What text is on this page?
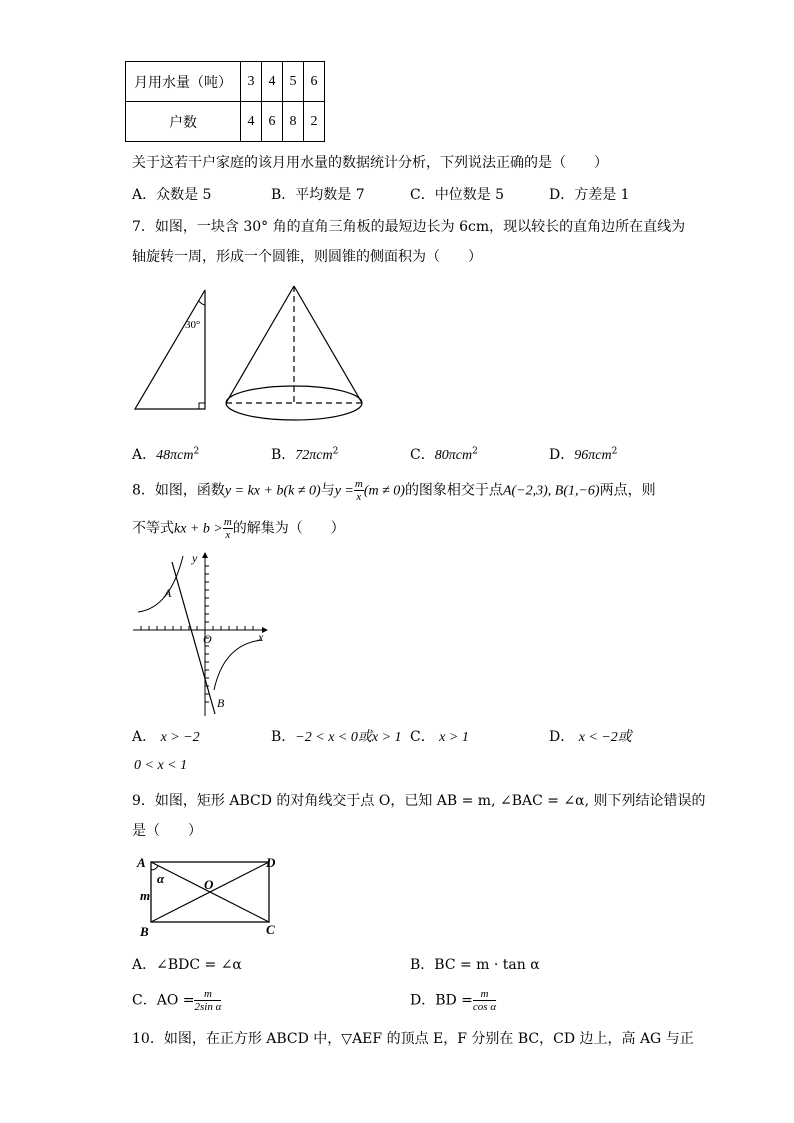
月用水量（吨）	3	4	5	6
户数	4	6	8	2
关于这若干户家庭的该月用水量的数据统计分析，下列说法正确的是（　　）
A．众数是 5	B．平均数是 7	C．中位数是 5	D．方差是 1
7．如图，一块含 30° 角的直角三角板的最短边长为 6cm，现以较长的直角边所在直线为
轴旋转一周，形成一个圆锥，则圆锥的侧面积为（　　）
30°
A．48πcm$^2$	B．72πcm$^2$	C．80πcm$^2$	D．96πcm$^2$
8．如图，函数y = kx + b(k ≠ 0)与$y = \frac{m}{x} (m \ne 0)$的图象相交于点A(−2,3), B(1,−6)两点，则
不等式kx + $b > \frac{m}{x}$ 的解集为（　　）
y
x
O
A
B
A． x > −2	B．−2 < x < 0或x > 1 C． x > 1	D． x < −2或
0 < x < 1
9．如图，矩形 ABCD 的对角线交于点 O，已知 AB = m, ∠BAC = ∠α, 则下列结论错误的
是（　　）
A	D
B	C
O
m
α
A．∠BDC = ∠α	B．BC = m · tan α
C．AO = $\frac{m}{\text{2sin α}}$	D．BD = $\frac{m}{\text{cos α}}$
10．如图，在正方形 ABCD 中，▽AEF 的顶点 E，F 分别在 BC，CD 边上，高 AG 与正
